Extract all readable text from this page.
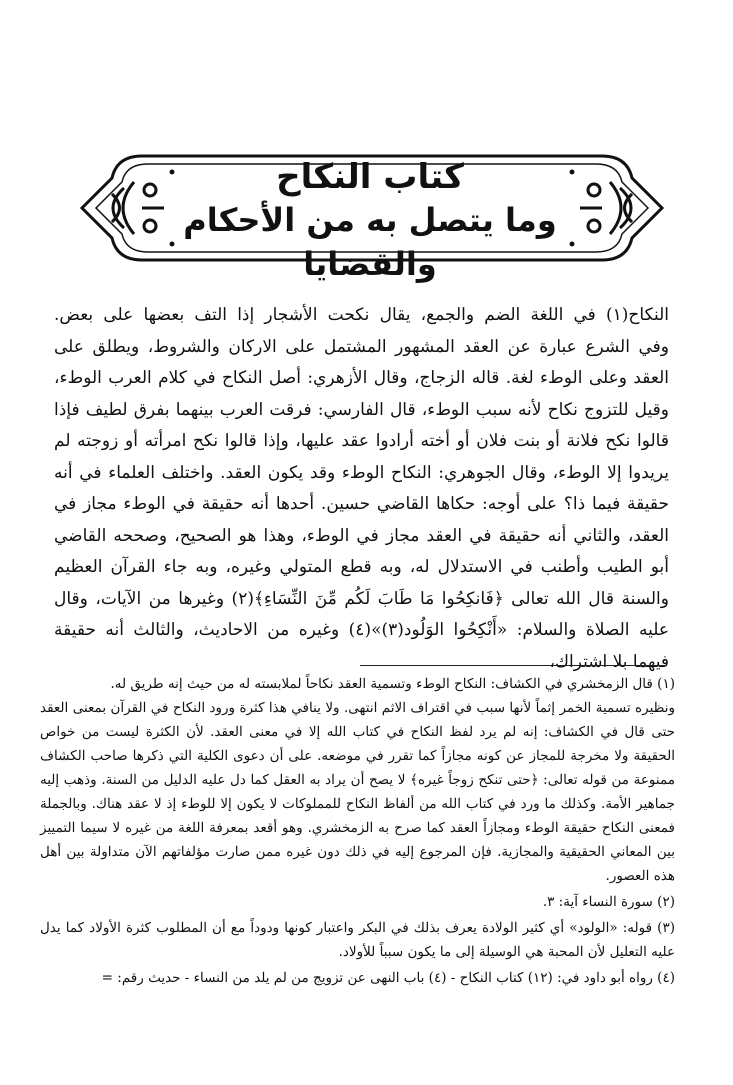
كتاب النكاح
وما يتصل به من الأحكام والقضايا

النكاح(١) في اللغة الضم والجمع، يقال نكحت الأشجار إذا التف بعضها على بعض.

وفي الشرع عبارة عن العقد المشهور المشتمل على الاركان والشروط، ويطلق على العقد وعلى الوطء لغة. قاله الزجاج، وقال الأزهري: أصل النكاح في كلام العرب الوطء، وقيل للتزوج نكاح لأنه سبب الوطء، قال الفارسي: فرقت العرب بينهما بفرق لطيف فإذا قالوا نكح فلانة أو بنت فلان أو أخته أرادوا عقد عليها، وإذا قالوا نكح امرأته أو زوجته لم يريدوا إلا الوطء، وقال الجوهري: النكاح الوطء وقد يكون العقد. واختلف العلماء في أنه حقيقة فيما ذا؟ على أوجه: حكاها القاضي حسين. أحدها أنه حقيقة في الوطء مجاز في العقد، والثاني أنه حقيقة في العقد مجاز في الوطء، وهذا هو الصحيح، وصححه القاضي أبو الطيب وأطنب في الاستدلال له، وبه قطع المتولي وغيره، وبه جاء القرآن العظيم والسنة قال الله تعالى ﴿فَانكِحُوا مَا طَابَ لَكُم مِّنَ النِّسَاءِ﴾(٢) وغيرها من الآيات، وقال عليه الصلاة والسلام: «أَنْكِحُوا الوَلُود(٣)»(٤) وغيره من الاحاديث، والثالث أنه حقيقة فيهما بلا اشتراك،

(١) قال الزمخشري في الكشاف: النكاح الوطء وتسمية العقد نكاحاً لملابسته له من حيث إنه طريق له.
ونظيره تسمية الخمر إثماً لأنها سبب في اقتراف الاثم انتهى. ولا ينافي هذا كثرة ورود النكاح في القرآن بمعنى العقد حتى قال في الكشاف: إنه لم يرد لفظ النكاح في كتاب الله إلا في معنى العقد. لأن الكثرة ليست من خواص الحقيقة ولا مخرجة للمجاز عن كونه مجازاً كما تقرر في موضعه. على أن دعوى الكلية التي ذكرها صاحب الكشاف ممنوعة من قوله تعالى: ﴿حتى تنكح زوجاً غيره﴾ لا يصح أن يراد به العقل كما دل عليه الدليل من السنة. وذهب إليه جماهير الأمة. وكذلك ما ورد في كتاب الله من ألفاظ النكاح للمملوكات لا يكون إلا للوطء إذ لا عقد هناك. وبالجملة فمعنى النكاح حقيقة الوطء ومجازاً العقد كما صرح به الزمخشري. وهو أقعد بمعرفة اللغة من غيره لا سيما التمييز بين المعاني الحقيقية والمجازية. فإن المرجوع إليه في ذلك دون غيره ممن صارت مؤلفاتهم الآن متداولة بين أهل هذه العصور.
(٢) سورة النساء آية: ٣.
(٣) قوله: «الولود» أي كثير الولادة يعرف بذلك في البكر واعتبار كونها ودوداً مع أن المطلوب كثرة الأولاد كما يدل عليه التعليل لأن المحبة هي الوسيلة إلى ما يكون سبباً للأولاد.
(٤) رواه أبو داود في: (١٢) كتاب النكاح - (٤) باب النهى عن تزويج من لم يلد من النساء - حديث رقم: =
